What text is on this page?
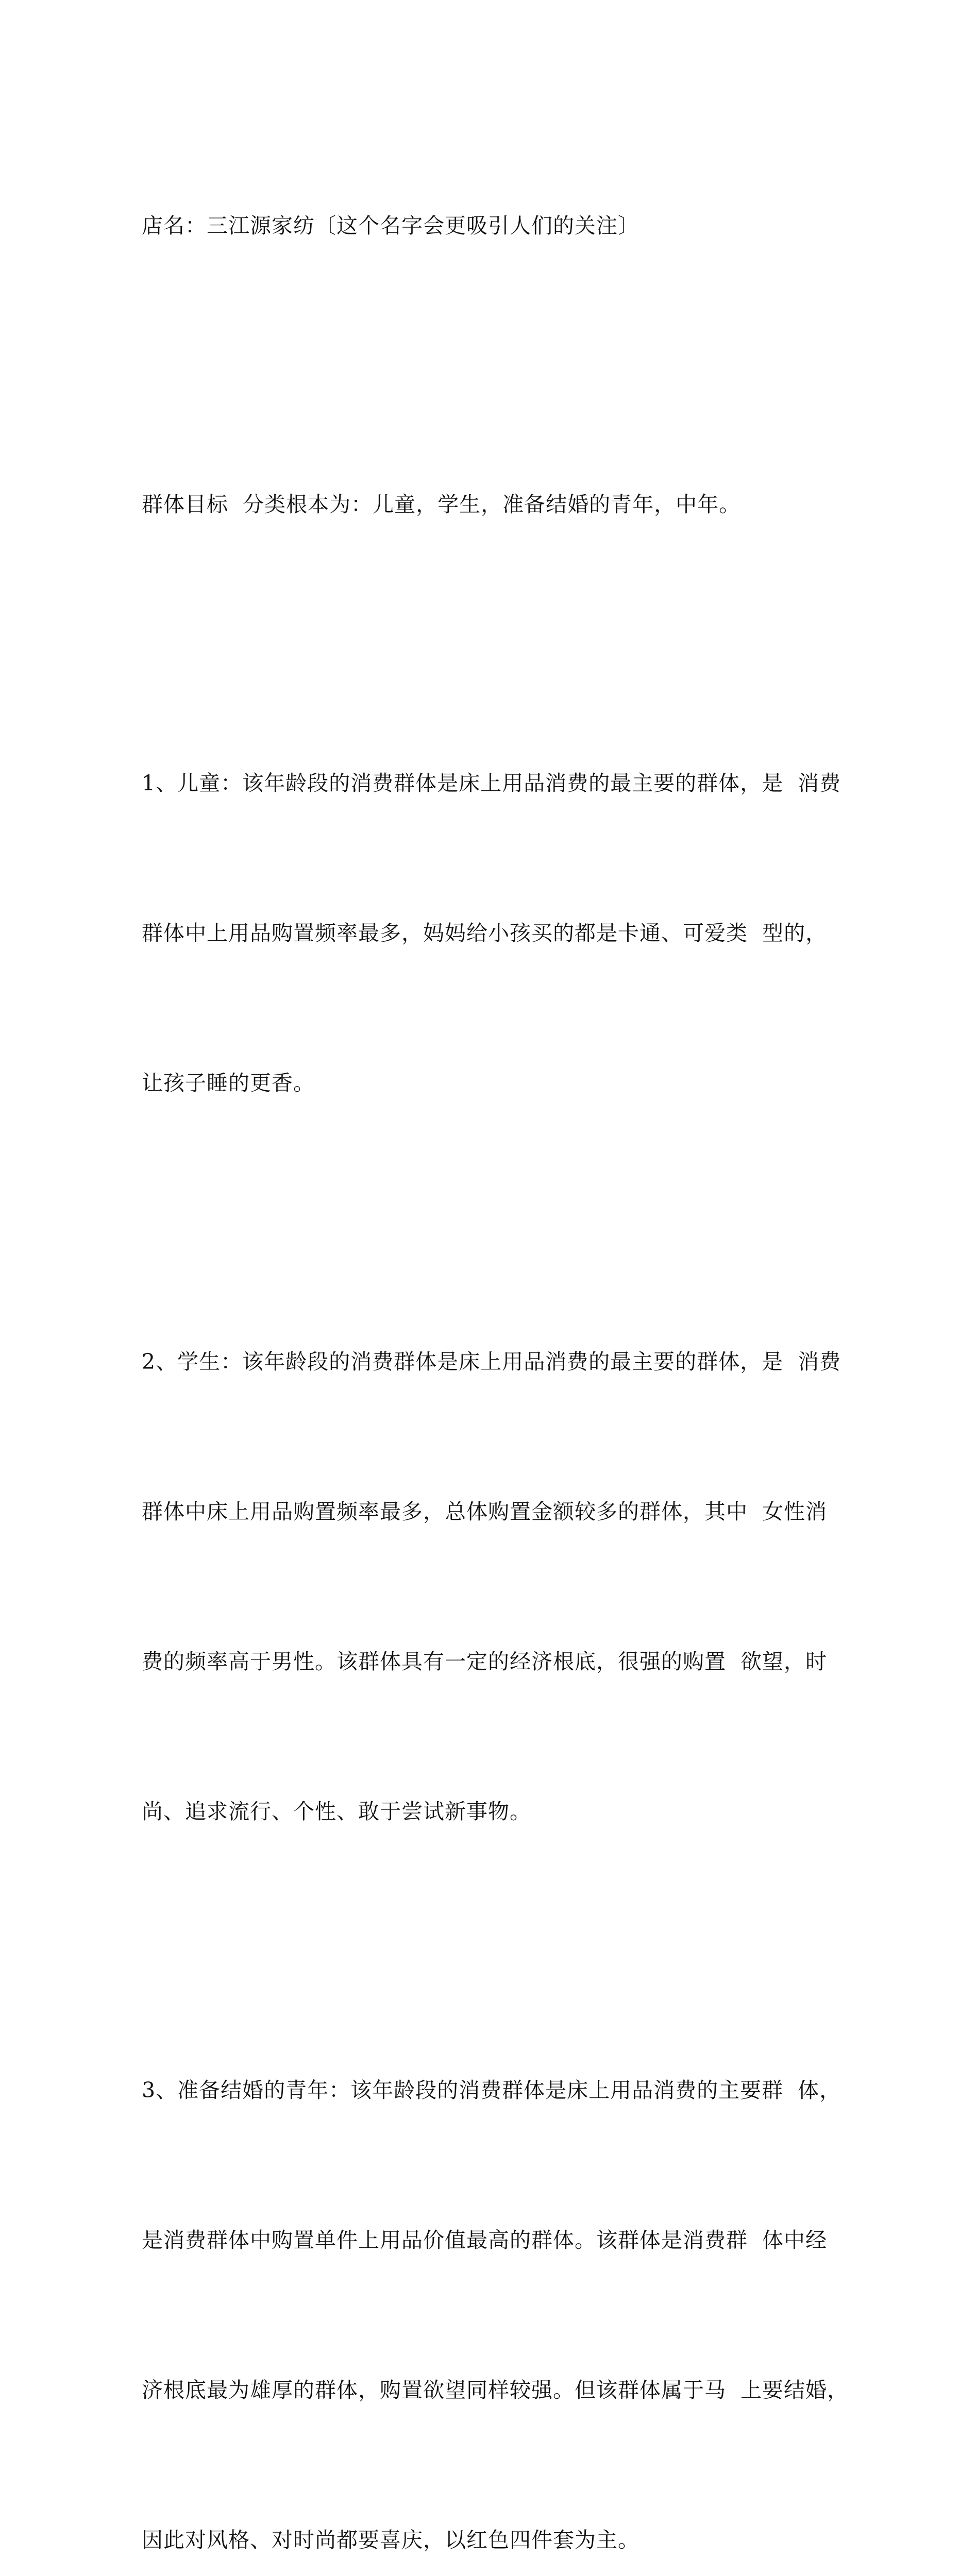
店名：三江源家纺〔这个名字会更吸引人们的关注〕

群体目标  分类根本为：儿童，学生，准备结婚的青年，中年。

1、儿童：该年龄段的消费群体是床上用品消费的最主要的群体，是  消费

群体中上用品购置频率最多，妈妈给小孩买的都是卡通、可爱类  型的，

让孩子睡的更香。

2、学生：该年龄段的消费群体是床上用品消费的最主要的群体，是  消费

群体中床上用品购置频率最多，总体购置金额较多的群体，其中  女性消

费的频率高于男性。该群体具有一定的经济根底，很强的购置  欲望，时

尚、追求流行、个性、敢于尝试新事物。

3、准备结婚的青年：该年龄段的消费群体是床上用品消费的主要群  体，

是消费群体中购置单件上用品价值最高的群体。该群体是消费群  体中经

济根底最为雄厚的群体，购置欲望同样较强。但该群体属于马  上要结婚，

因此对风格、对时尚都要喜庆，以红色四件套为主。
